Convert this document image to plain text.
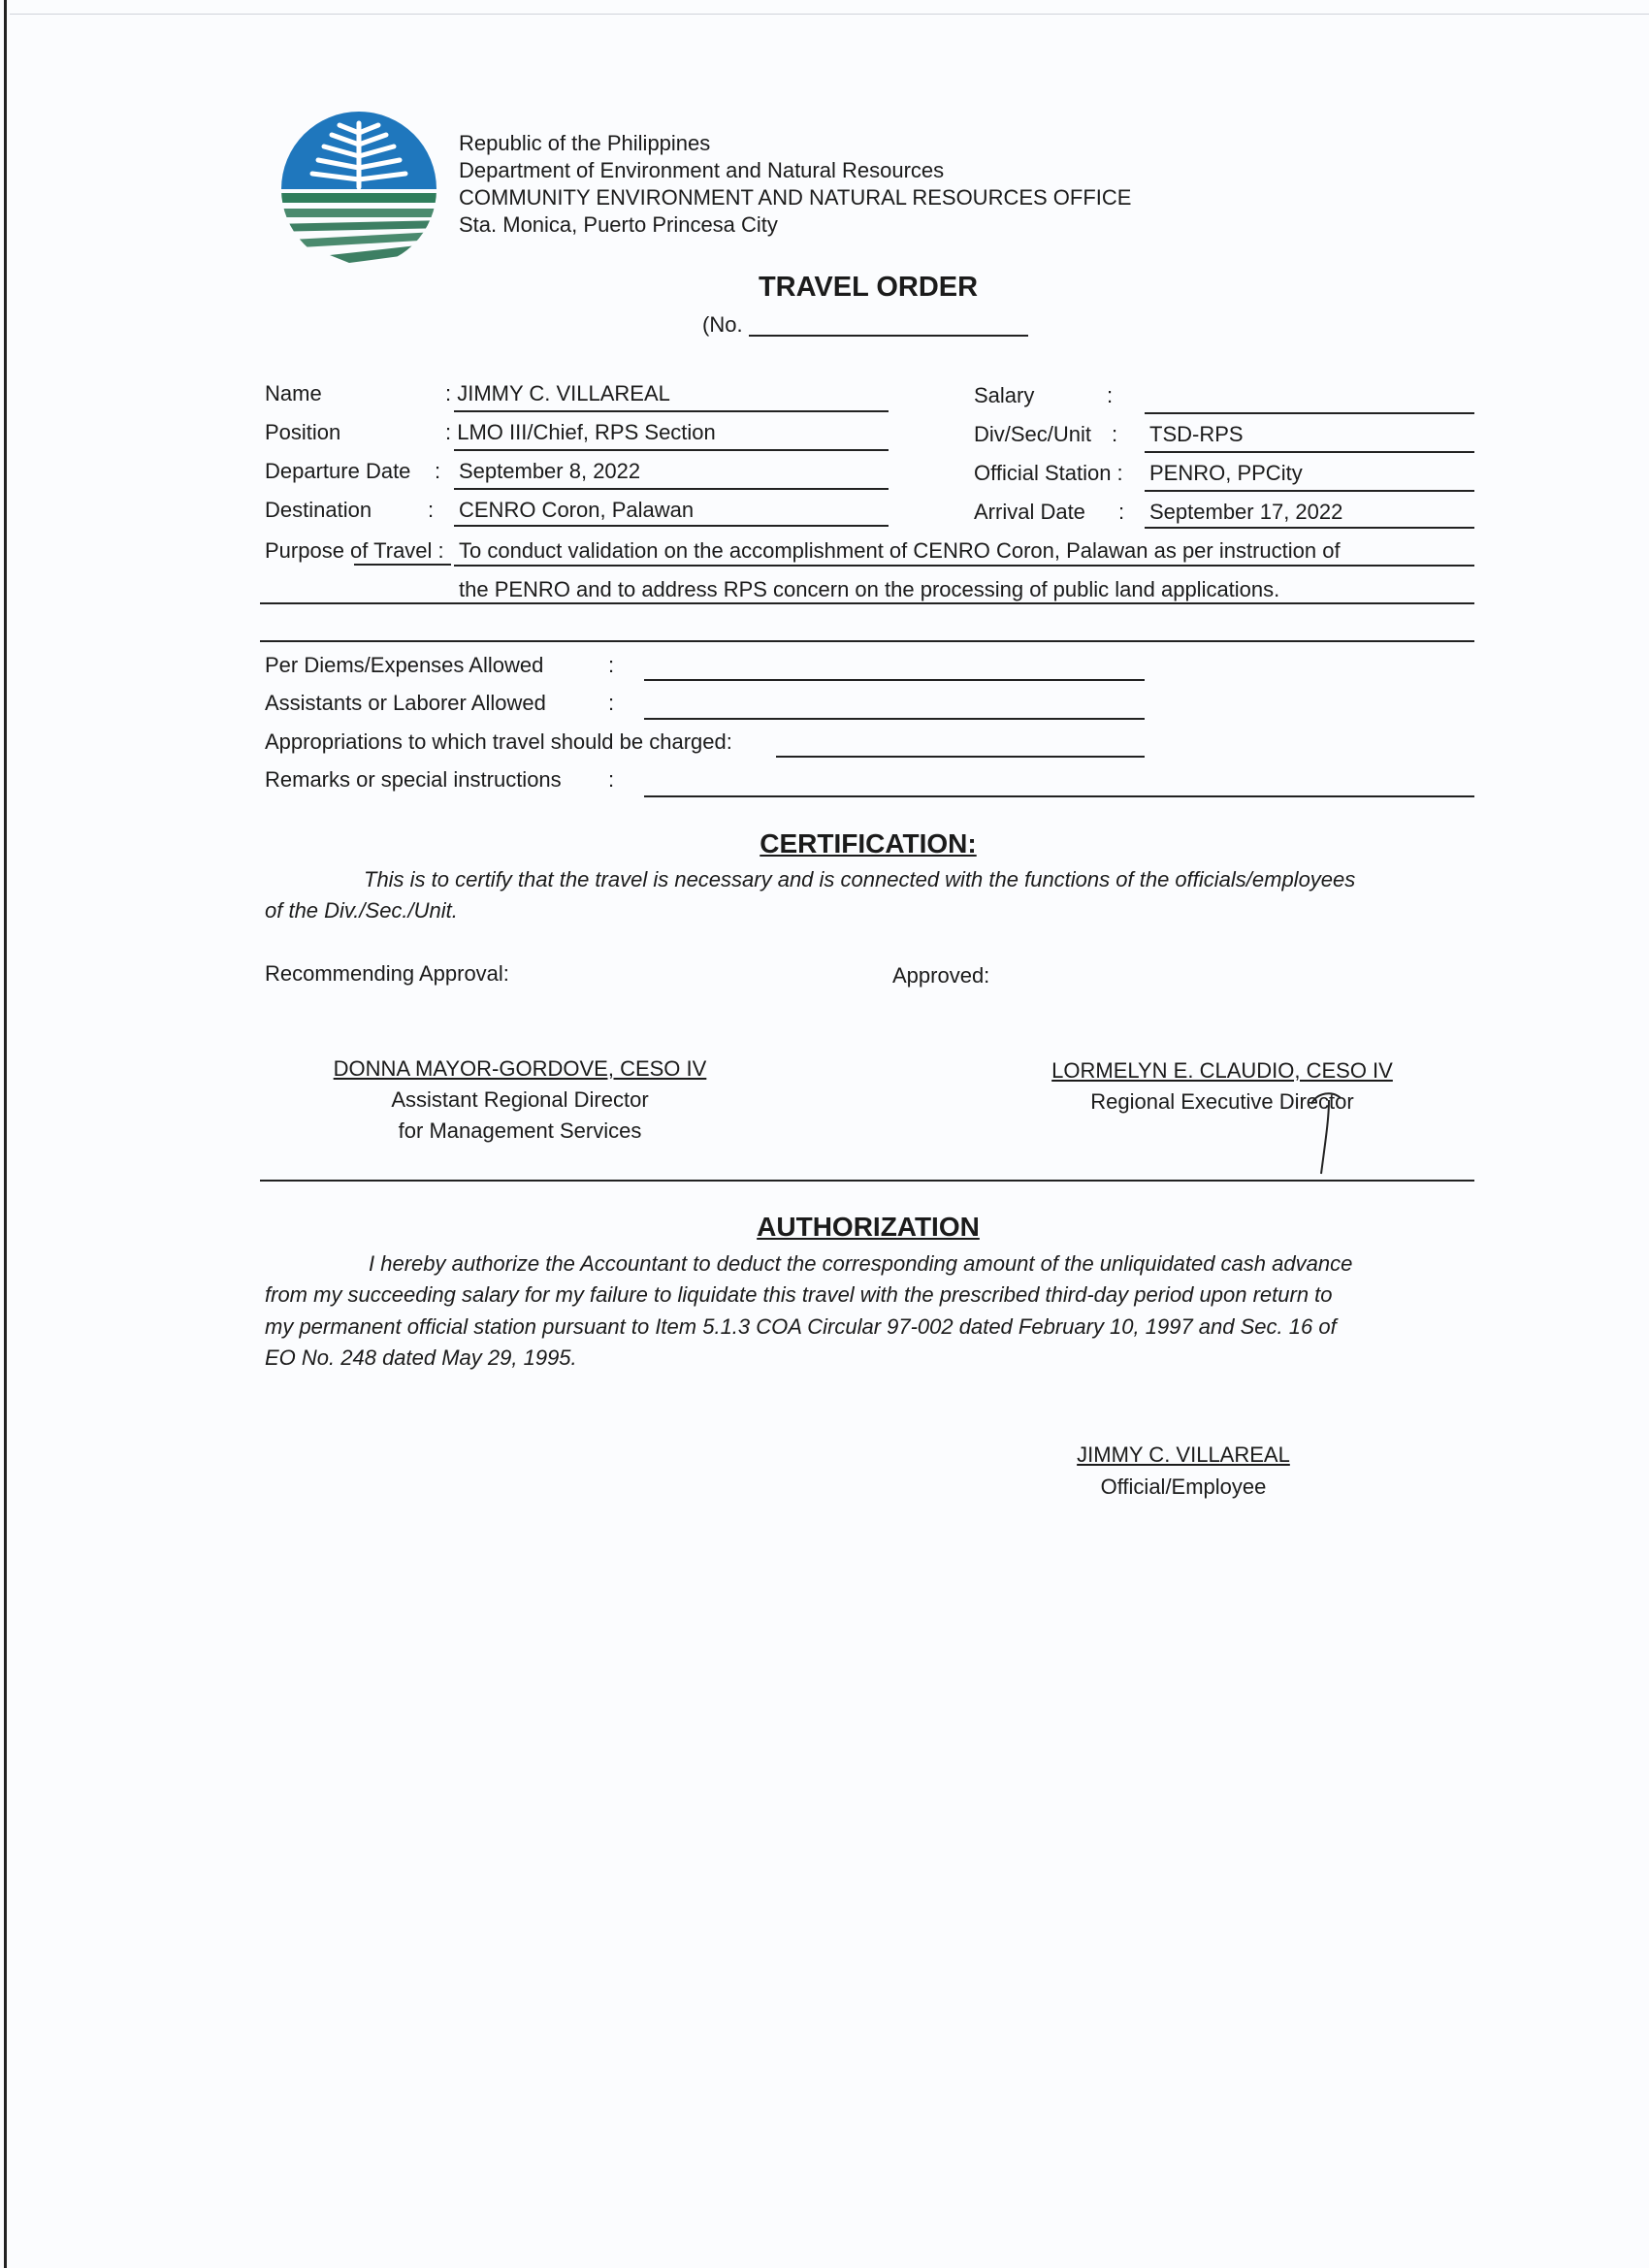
Republic of the Philippines
Department of Environment and Natural Resources
COMMUNITY ENVIRONMENT AND NATURAL RESOURCES OFFICE
Sta. Monica, Puerto Princesa City
TRAVEL ORDER
(No.
Name	: JIMMY C. VILLAREAL
Position	: LMO III/Chief, RPS Section
Departure Date : September 8, 2022
Destination	: CENRO Coron, Palawan
Salary	:
Div/Sec/Unit : TSD-RPS
Official Station : PENRO, PPCity
Arrival Date : September 17, 2022
Purpose of Travel : To conduct validation on the accomplishment of CENRO Coron, Palawan as per instruction of
the PENRO and to address RPS concern on the processing of public land applications.
Per Diems/Expenses Allowed	:
Assistants or Laborer Allowed	:
Appropriations to which travel should be charged:
Remarks or special instructions :
CERTIFICATION:
This is to certify that the travel is necessary and is connected with the functions of the officials/employees
of the Div./Sec./Unit.
Recommending Approval:	Approved:
DONNA MAYOR-GORDOVE, CESO IV
Assistant Regional Director
for Management Services
LORMELYN E. CLAUDIO, CESO IV
Regional Executive Director
AUTHORIZATION
I hereby authorize the Accountant to deduct the corresponding amount of the unliquidated cash advance
from my succeeding salary for my failure to liquidate this travel with the prescribed third-day period upon return to
my permanent official station pursuant to Item 5.1.3 COA Circular 97-002 dated February 10, 1997 and Sec. 16 of
EO No. 248 dated May 29, 1995.
JIMMY C. VILLAREAL
Official/Employee
